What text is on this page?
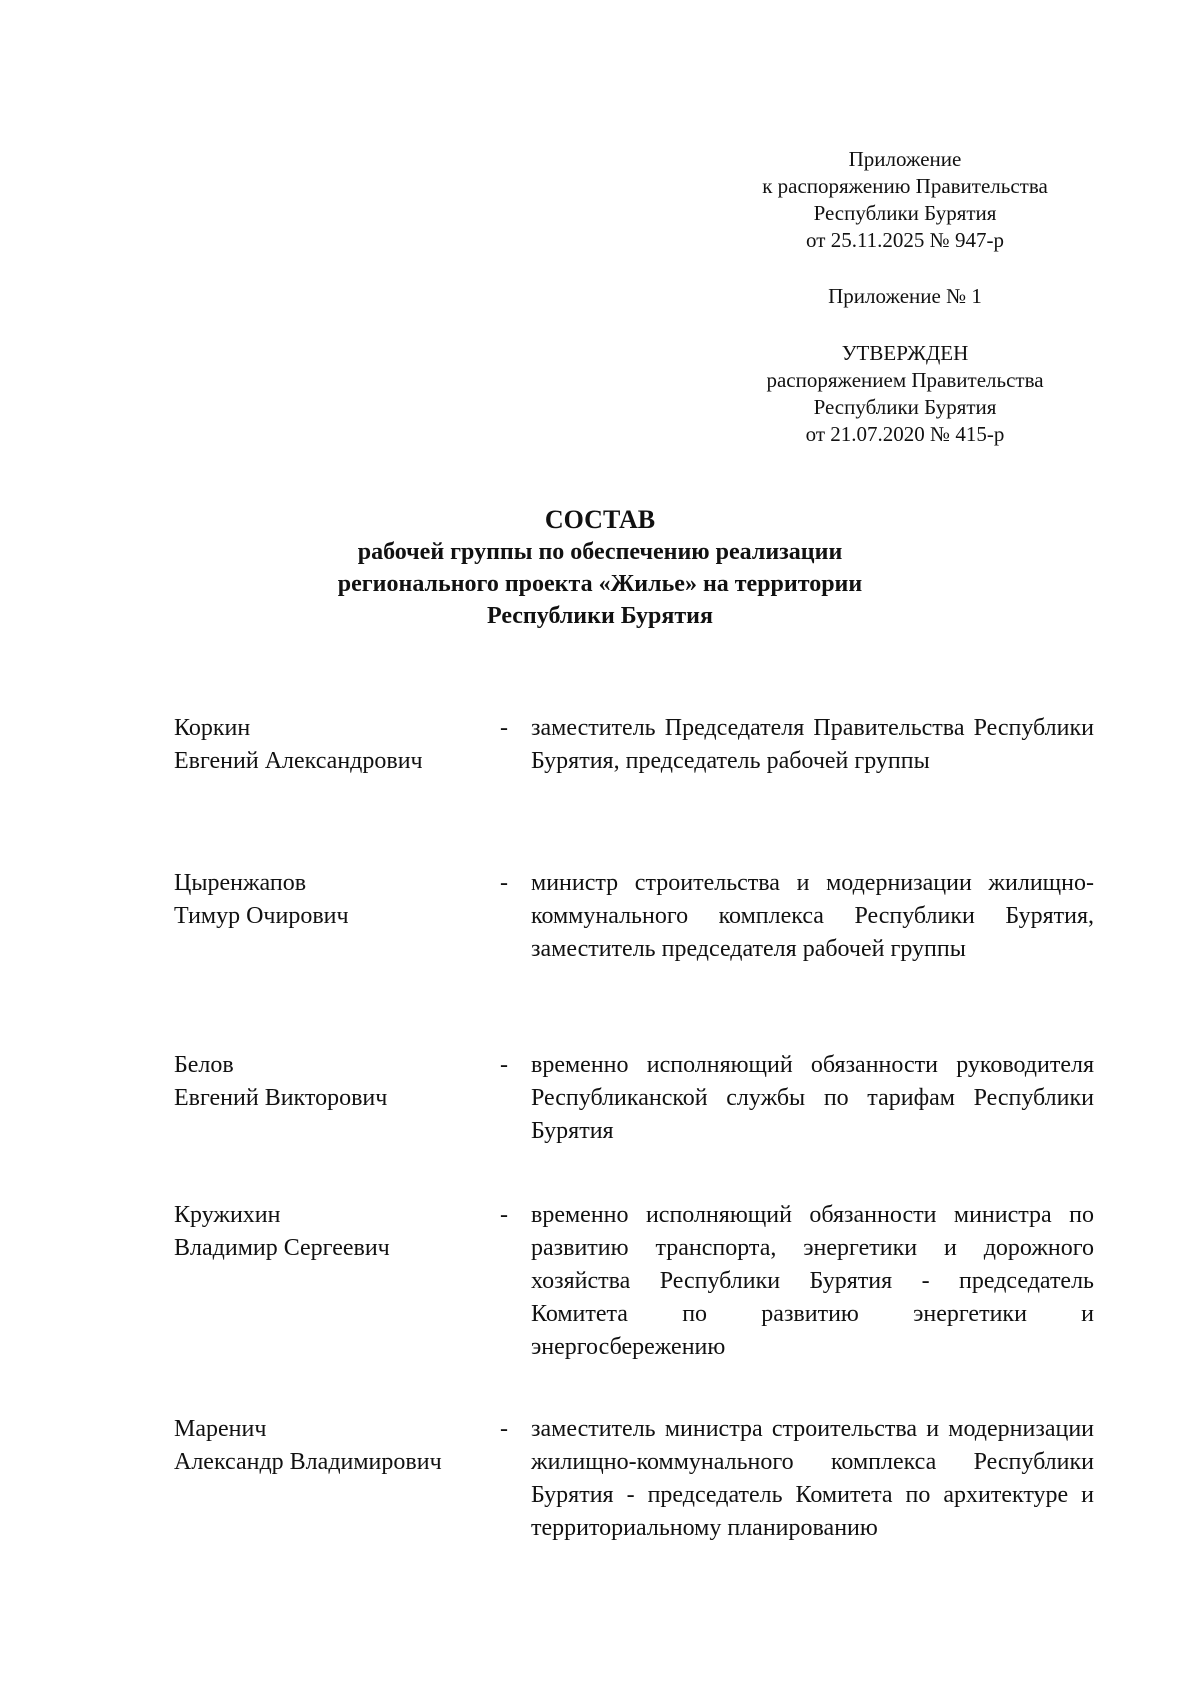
Приложение
к распоряжению Правительства
Республики Бурятия
от 25.11.2025 № 947-р
Приложение № 1
УТВЕРЖДЕН
распоряжением Правительства
Республики Бурятия
от 21.07.2020 № 415-р
СОСТАВ
рабочей группы по обеспечению реализации
регионального проекта «Жилье» на территории
Республики Бурятия
Коркин
Евгений Александрович
- заместитель Председателя Правительства Республики Бурятия, председатель рабочей группы
Цыренжапов
Тимур Очирович
- министр строительства и модернизации жилищно-коммунального комплекса Республики Бурятия, заместитель председателя рабочей группы
Белов
Евгений Викторович
- временно исполняющий обязанности руководителя Республиканской службы по тарифам Республики Бурятия
Кружихин
Владимир Сергеевич
- временно исполняющий обязанности министра по развитию транспорта, энергетики и дорожного хозяйства Республики Бурятия - председатель Комитета по развитию энергетики и энергосбережению
Маренич
Александр Владимирович
- заместитель министра строительства и модернизации жилищно-коммунального комплекса Республики Бурятия - председатель Комитета по архитектуре и территориальному планированию
